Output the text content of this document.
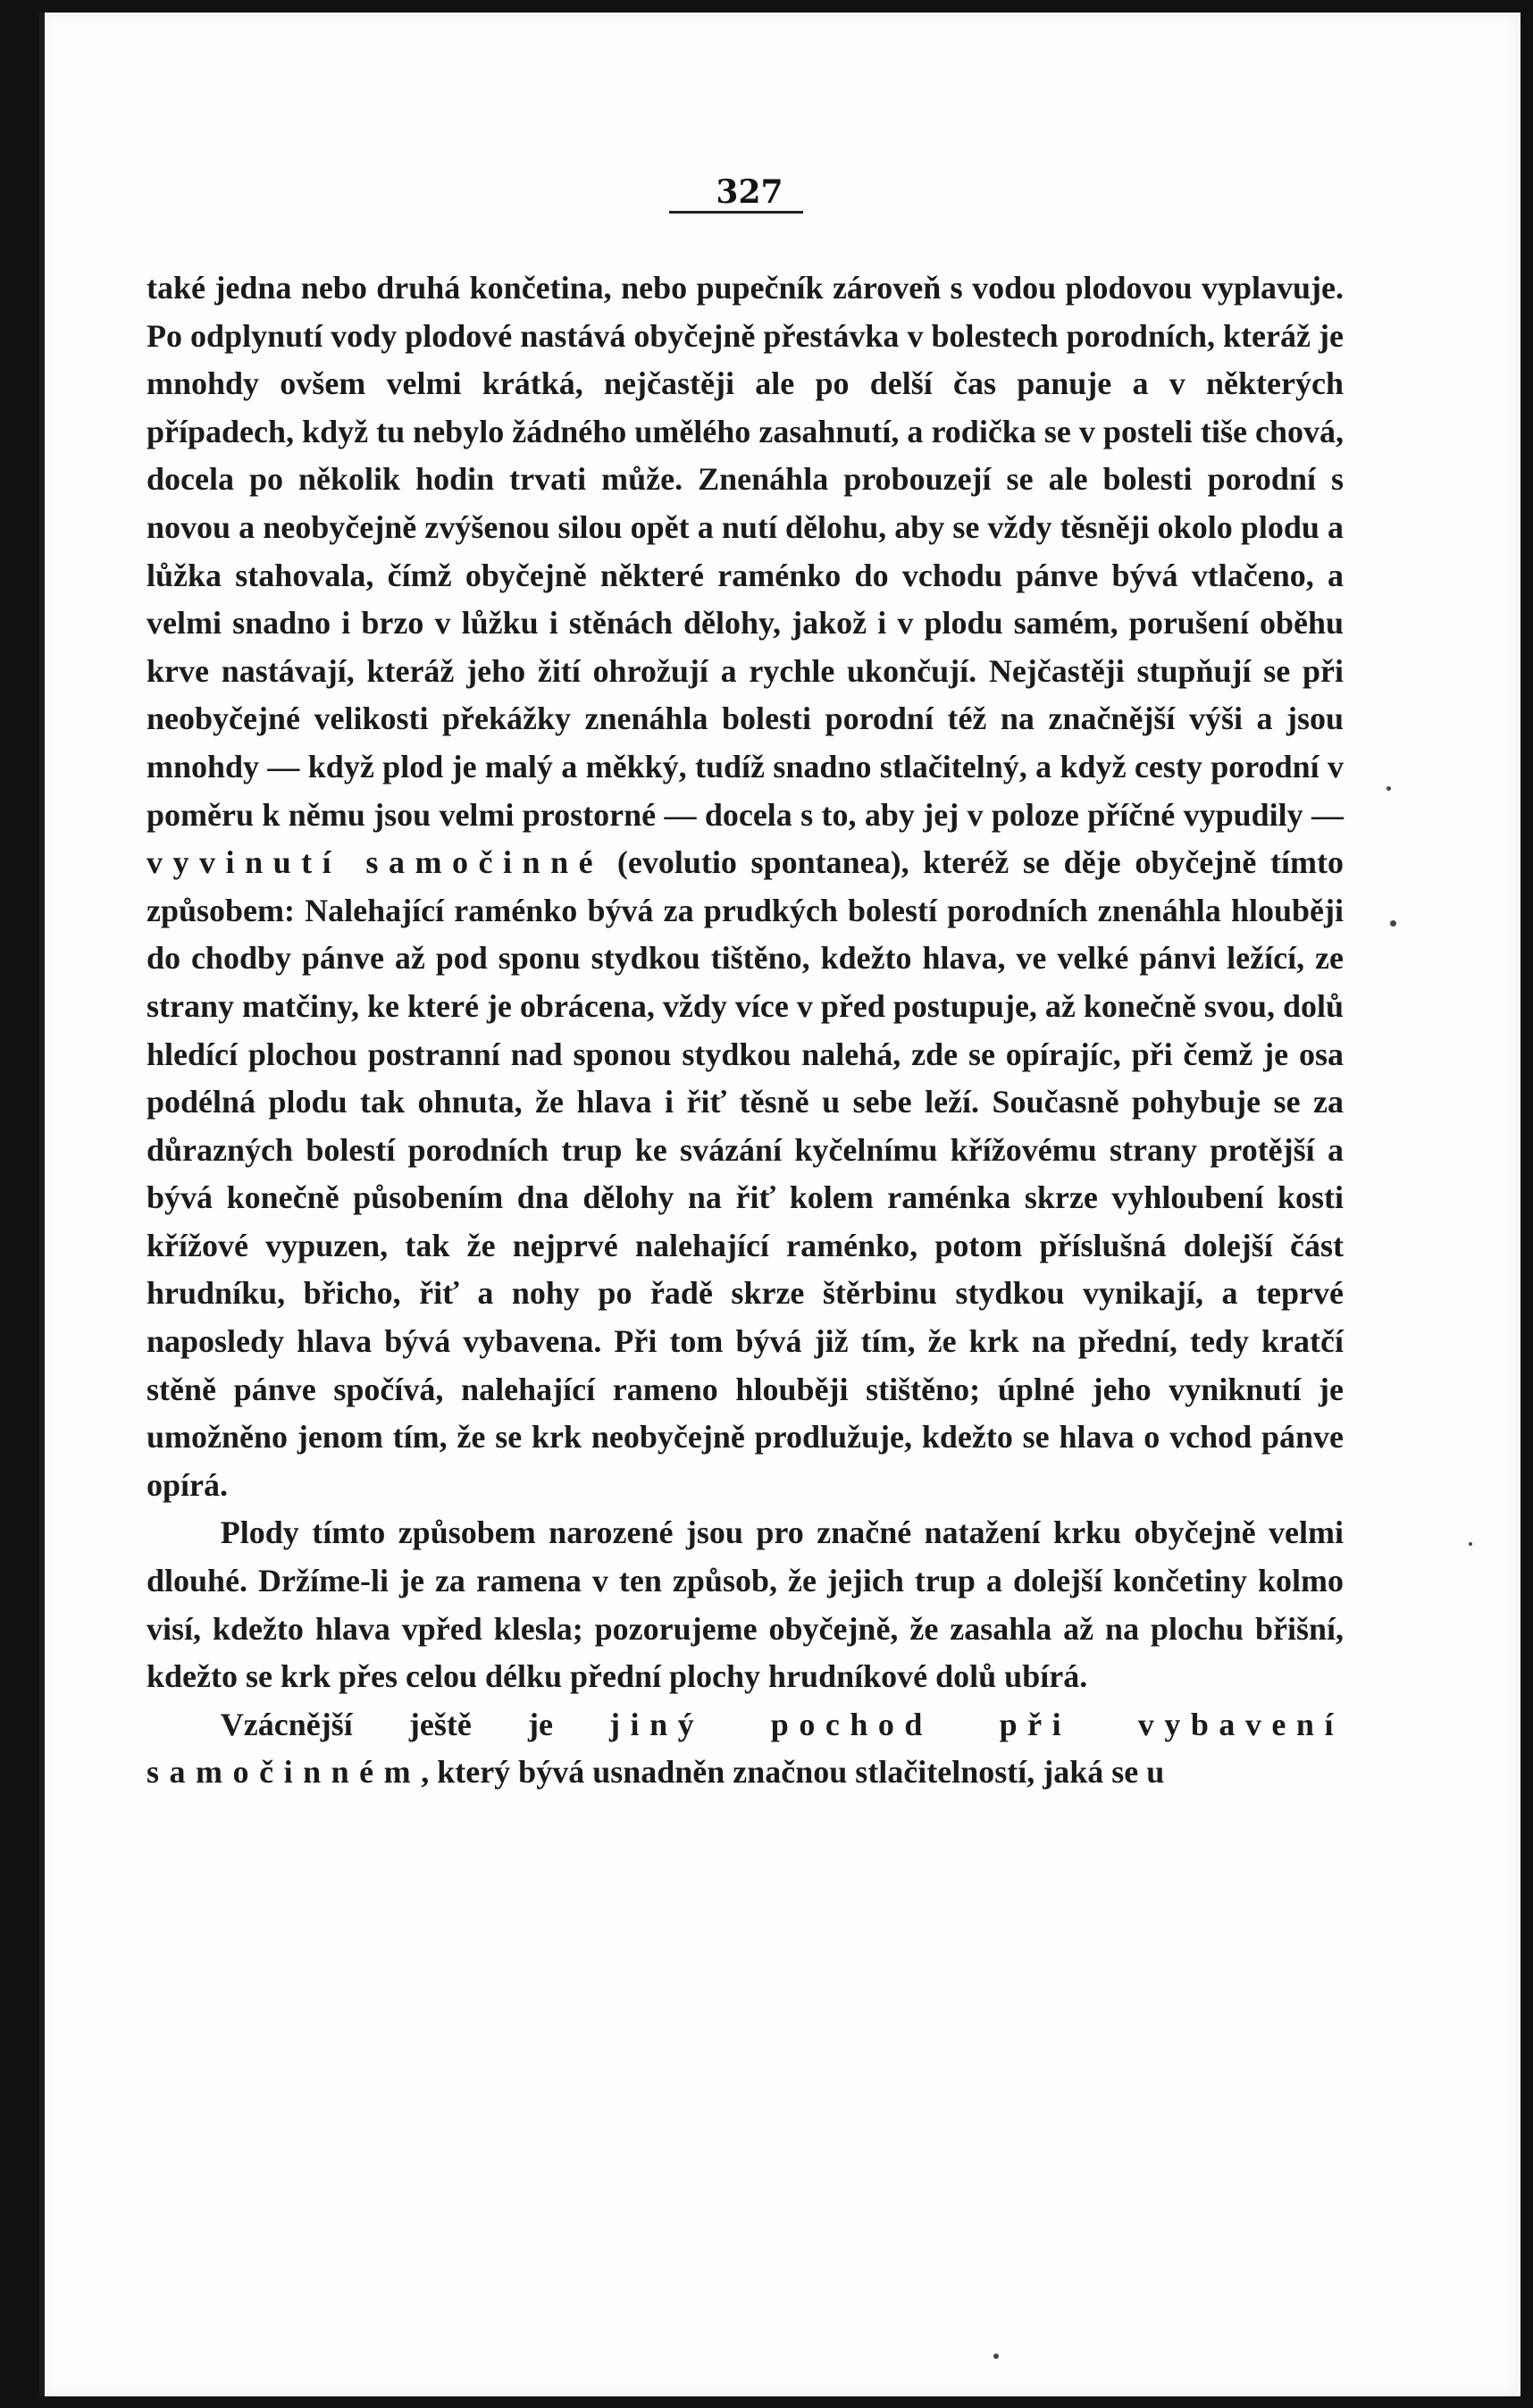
327

také jedna nebo druhá končetina, nebo pupečník zároveň s vodou plodovou vyplavuje. Po odplynutí vody plodové nastává obyčejně přestávka v bolestech porodních, kteráž je mnohdy ovšem velmi krátká, nejčastěji ale po delší čas panuje a v některých případech, když tu nebylo žádného umělého zasahnutí, a rodička se v posteli tiše chová, docela po několik hodin trvati může. Znenáhla probouzejí se ale bolesti porodní s novou a neobyčejně zvýšenou silou opět a nutí dělohu, aby se vždy těsněji okolo plodu a lůžka stahovala, čímž obyčejně některé raménko do vchodu pánve bývá vtlačeno, a velmi snadno i brzo v lůžku i stěnách dělohy, jakož i v plodu samém, porušení oběhu krve nastávají, kteráž jeho žití ohrožují a rychle ukončují. Nejčastěji stupňují se při neobyčejné velikosti překážky znenáhla bolesti porodní též na značnější výši a jsou mnohdy — když plod je malý a měkký, tudíž snadno stlačitelný, a když cesty porodní v poměru k němu jsou velmi prostorné — docela s to, aby jej v poloze příčné vypudily — vyvinutí samočinné (evolutio spontanea), kteréž se děje obyčejně tímto způsobem: Nalehající raménko bývá za prudkých bolestí porodních znenáhla hlouběji do chodby pánve až pod sponu stydkou tištěno, kdežto hlava, ve velké pánvi ležící, ze strany matčiny, ke které je obrácena, vždy více v před postupuje, až konečně svou, dolů hledící plochou postranní nad sponou stydkou nalehá, zde se opírajíc, při čemž je osa podélná plodu tak ohnuta, že hlava i řiť těsně u sebe leží. Současně pohybuje se za důrazných bolestí porodních trup ke svázání kyčelnímu křížovému strany protější a bývá konečně působením dna dělohy na řiť kolem raménka skrze vyhloubení kosti křížové vypuzen, tak že nejprvé nalehající raménko, potom příslušná dolejší část hrudníku, břicho, řiť a nohy po řadě skrze štěrbinu stydkou vynikají, a teprvé naposledy hlava bývá vybavena. Při tom bývá již tím, že krk na přední, tedy kratčí stěně pánve spočívá, nalehající rameno hlouběji stištěno; úplné jeho vyniknutí je umožněno jenom tím, že se krk neobyčejně prodlužuje, kdežto se hlava o vchod pánve opírá.

Plody tímto způsobem narozené jsou pro značné natažení krku obyčejně velmi dlouhé. Držíme-li je za ramena v ten způsob, že jejich trup a dolejší končetiny kolmo visí, kdežto hlava vpřed klesla; pozorujeme obyčejně, že zasahla až na plochu břišní, kdežto se krk přes celou délku přední plochy hrudníkové dolů ubírá.

Vzácnější ještě je jiný pochod při vybavení samočinném, který bývá usnadněn značnou stlačitelností, jaká se u
